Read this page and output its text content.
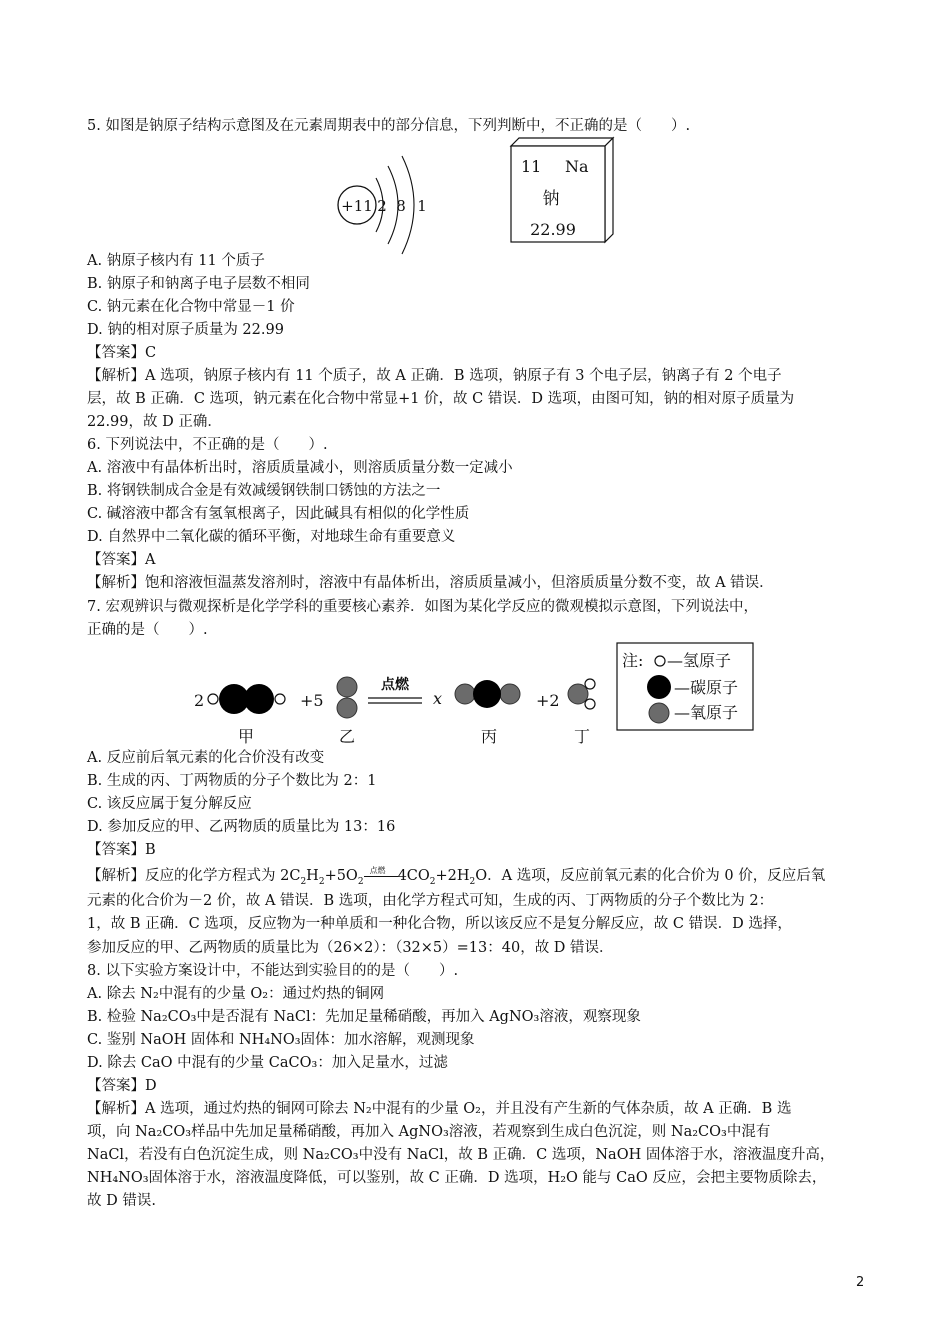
5. 如图是钠原子结构示意图及在元素周期表中的部分信息，下列判断中，不正确的是（　　）.
+11 2 8 1
11 Na
钠
22.99
A. 钠原子核内有 11 个质子
B. 钠原子和钠离子电子层数不相同
C. 钠元素在化合物中常显－1 价
D. 钠的相对原子质量为 22.99
【答案】C
【解析】A 选项，钠原子核内有 11 个质子，故 A 正确．B 选项，钠原子有 3 个电子层，钠离子有 2 个电子
层，故 B 正确．C 选项，钠元素在化合物中常显+1 价，故 C 错误．D 选项，由图可知，钠的相对原子质量为
22.99，故 D 正确．
6. 下列说法中，不正确的是（　　）.
A. 溶液中有晶体析出时，溶质质量减小，则溶质质量分数一定减小
B. 将钢铁制成合金是有效减缓钢铁制口锈蚀的方法之一
C. 碱溶液中都含有氢氧根离子，因此碱具有相似的化学性质
D. 自然界中二氧化碳的循环平衡，对地球生命有重要意义
【答案】A
【解析】饱和溶液恒温蒸发溶剂时，溶液中有晶体析出，溶质质量减小，但溶质质量分数不变，故 A 错误．
7. 宏观辨识与微观探析是化学学科的重要核心素养．如图为某化学反应的微观模拟示意图，下列说法中，
正确的是（　　）.
2
甲
+5
乙
点燃
x
丙
+2
丁
注: —氢原子
—碳原子
—氧原子
A. 反应前后氧元素的化合价没有改变
B. 生成的丙、丁两物质的分子个数比为 2：1
C. 该反应属于复分解反应
D. 参加反应的甲、乙两物质的质量比为 13：16
【答案】B
【解析】反应的化学方程式为 $2C_2H_2+5O_2$
点燃 $4CO_2+2H_2O$．A 选项，反应前氧元素的化合价为 0 价，反应后氧
元素的化合价为－2 价，故 A 错误．B 选项，由化学方程式可知，生成的丙、丁两物质的分子个数比为 2：
1，故 B 正确．C 选项，反应物为一种单质和一种化合物，所以该反应不是复分解反应，故 C 错误．D 选择，
参加反应的甲、乙两物质的质量比为（26×2）：（32×5）=13：40，故 D 错误．
8. 以下实验方案设计中，不能达到实验目的的是（　　）.
A. 除去 N₂中混有的少量 O₂：通过灼热的铜网
B. 检验 Na₂CO₃中是否混有 NaCl：先加足量稀硝酸，再加入 AgNO₃溶液，观察现象
C. 鉴别 NaOH 固体和 NH₄NO₃固体：加水溶解，观测现象
D. 除去 CaO 中混有的少量 CaCO₃：加入足量水，过滤
【答案】D
【解析】A 选项，通过灼热的铜网可除去 N₂中混有的少量 O₂，并且没有产生新的气体杂质，故 A 正确．B 选
项，向 Na₂CO₃样品中先加足量稀硝酸，再加入 AgNO₃溶液，若观察到生成白色沉淀，则 Na₂CO₃中混有
NaCl，若没有白色沉淀生成，则 Na₂CO₃中没有 NaCl，故 B 正确．C 选项，NaOH 固体溶于水，溶液温度升高，
NH₄NO₃固体溶于水，溶液温度降低，可以鉴别，故 C 正确．D 选项，H₂O 能与 CaO 反应，会把主要物质除去，
故 D 错误.
2
